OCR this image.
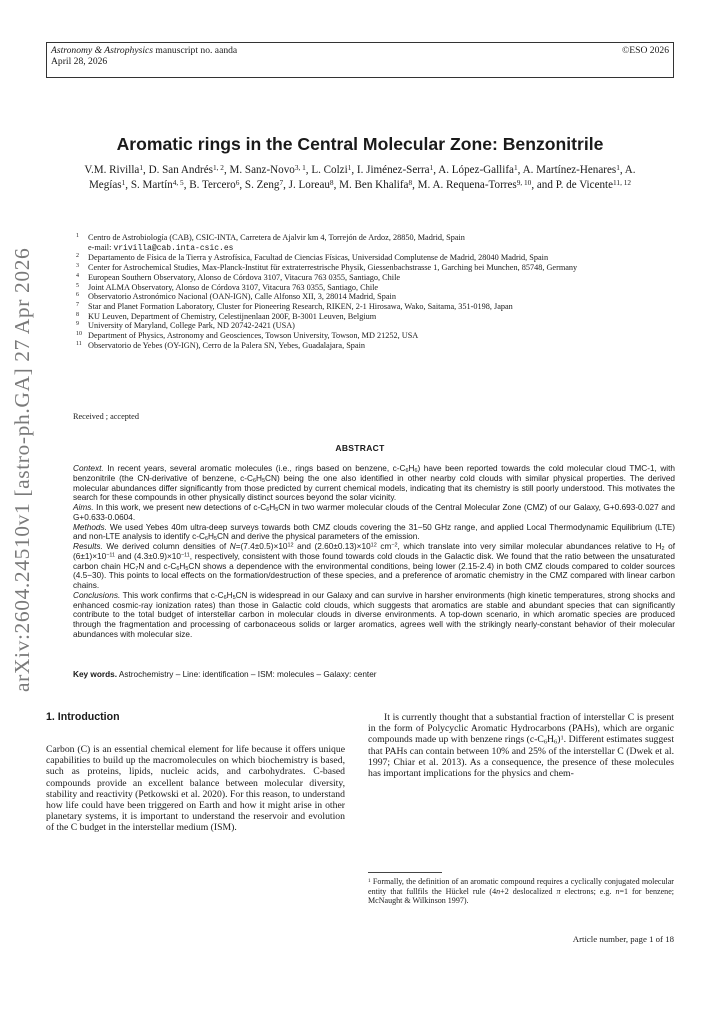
Astronomy & Astrophysics manuscript no. aanda
April 28, 2026
©ESO 2026
arXiv:2604.24510v1 [astro-ph.GA] 27 Apr 2026
Aromatic rings in the Central Molecular Zone: Benzonitrile
V.M. Rivilla$^1$, D. San Andrés$^{1, 2}$, M. Sanz-Novo$^{3, 1}$, L. Colzi$^1$, I. Jiménez-Serra$^1$, A. López-Gallifa$^1$, A. Martínez-Henares$^1$, A. Megías$^1$, S. Martín$^{4, 5}$, B. Tercero$^6$, S. Zeng$^7$, J. Loreau$^8$, M. Ben Khalifa$^8$, M. A. Requena-Torres$^{9, 10}$, and P. de Vicente$^{11, 12}$
1 Centro de Astrobiología (CAB), CSIC-INTA, Carretera de Ajalvir km 4, Torrejón de Ardoz, 28850, Madrid, Spain
e-mail: vrivilla@cab.inta-csic.es
2 Departamento de Física de la Tierra y Astrofísica, Facultad de Ciencias Físicas, Universidad Complutense de Madrid, 28040 Madrid, Spain
3 Center for Astrochemical Studies, Max-Planck-Institut für extraterrestrische Physik, Giessenbachstrasse 1, Garching bei Munchen, 85748, Germany
4 European Southern Observatory, Alonso de Córdova 3107, Vitacura 763 0355, Santiago, Chile
5 Joint ALMA Observatory, Alonso de Córdova 3107, Vitacura 763 0355, Santiago, Chile
6 Observatorio Astronómico Nacional (OAN-IGN), Calle Alfonso XII, 3, 28014 Madrid, Spain
7 Star and Planet Formation Laboratory, Cluster for Pioneering Research, RIKEN, 2-1 Hirosawa, Wako, Saitama, 351-0198, Japan
8 KU Leuven, Department of Chemistry, Celestijnenlaan 200F, B-3001 Leuven, Belgium
9 University of Maryland, College Park, ND 20742-2421 (USA)
10 Department of Physics, Astronomy and Geosciences, Towson University, Towson, MD 21252, USA
11 Observatorio de Yebes (OY-IGN), Cerro de la Palera SN, Yebes, Guadalajara, Spain
Received ; accepted
ABSTRACT

Context. In recent years, several aromatic molecules (i.e., rings based on benzene, $c-C_6H_6$) have been reported towards the cold molecular cloud TMC-1, with benzonitrile (the CN-derivative of benzene, $c-C_6H_5CN$) being the one also identified in other nearby cold clouds with similar physical properties. The derived molecular abundances differ significantly from those predicted by current chemical models, indicating that its chemistry is still poorly understood. This motivates the search for these compounds in other physically distinct sources beyond the solar vicinity.

Aims. In this work, we present new detections of $c-C_6H_5CN$ in two warmer molecular clouds of the Central Molecular Zone (CMZ) of our Galaxy, G+0.693-0.027 and G+0.633-0.0604.

Methods. We used Yebes 40m ultra-deep surveys towards both CMZ clouds covering the 31−50 GHz range, and applied Local Thermodynamic Equilibrium (LTE) and non-LTE analysis to identify $c-C_6H_5CN$ and derive the physical parameters of the emission.

Results. We derived column densities of $N=(7.4\pm 0.5)\times 10^{12}$ and $(2.60\pm 0.13)\times 10^{12}$ $cm^{-2}$, which translate into very similar molecular abundances relative to $H_2$ of $(6\pm 1)\times 10^{-11}$ and $(4.3\pm 0.9)\times 10^{-11}$, respectively, consistent with those found towards cold clouds in the Galactic disk. We found that the ratio between the unsaturated carbon chain $HC_7N$ and $c-C_6H_5CN$ shows a dependence with the environmental conditions, being lower (2.15-2.4) in both CMZ clouds compared to colder sources (4.5−30). This points to local effects on the formation/destruction of these species, and a preference of aromatic chemistry in the CMZ compared with linear carbon chains.

Conclusions. This work confirms that $c-C_6H_5CN$ is widespread in our Galaxy and can survive in harsher environments (high kinetic temperatures, strong shocks and enhanced cosmic-ray ionization rates) than those in Galactic cold clouds, which suggests that aromatics are stable and abundant species that can significantly contribute to the total budget of interstellar carbon in molecular clouds in diverse environments. A top-down scenario, in which aromatic species are produced through the fragmentation and processing of carbonaceous solids or larger aromatics, agrees well with the strikingly nearly-constant behavior of their molecular abundances with molecular size.

Key words. Astrochemistry – Line: identification – ISM: molecules – Galaxy: center
1. Introduction
Carbon (C) is an essential chemical element for life because it offers unique capabilities to build up the macromolecules on which biochemistry is based, such as proteins, lipids, nucleic acids, and carbohydrates. C-based compounds provide an excellent balance between molecular diversity, stability and reactivity (Petkowski et al. 2020). For this reason, to understand how life could have been triggered on Earth and how it might arise in other planetary systems, it is important to understand the reservoir and evolution of the C budget in the interstellar medium (ISM).
It is currently thought that a substantial fraction of interstellar C is present in the form of Polycyclic Aromatic Hydrocarbons (PAHs), which are organic compounds made up with benzene rings $(c-C_6H_6)^1$. Different estimates suggest that PAHs can contain between 10% and 25% of the interstellar C (Dwek et al. 1997; Chiar et al. 2013). As a consequence, the presence of these molecules has important implications for the physics and chem-
$^1$ Formally, the definition of an aromatic compound requires a cyclically conjugated molecular entity that fullfils the Hückel rule (4n+2 deslocalized π electrons; e.g. n=1 for benzene; McNaught & Wilkinson 1997).
Article number, page 1 of 18
